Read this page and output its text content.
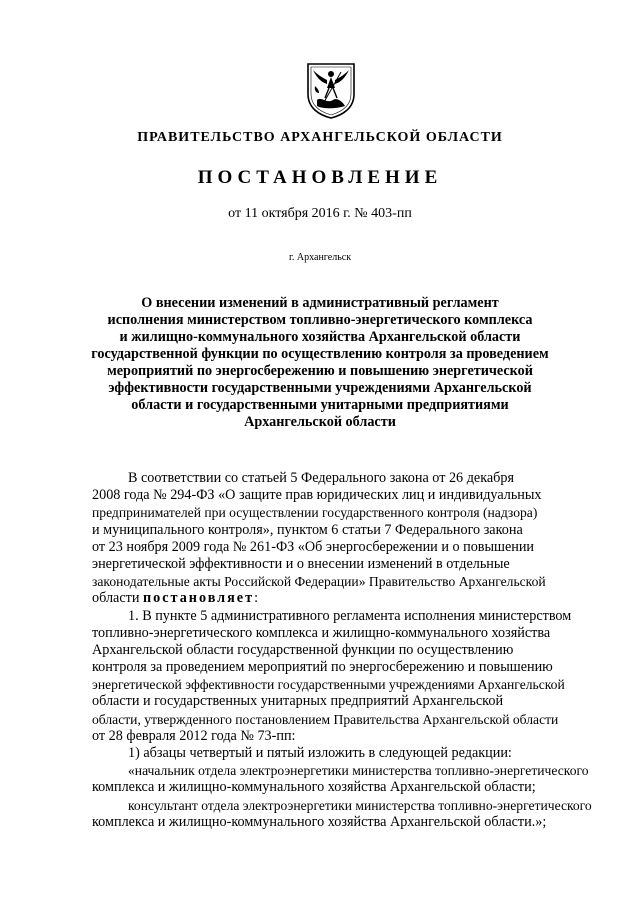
ПРАВИТЕЛЬСТВО АРХАНГЕЛЬСКОЙ ОБЛАСТИ
ПОСТАНОВЛЕНИЕ
от 11 октября 2016 г. № 403-пп
г. Архангельск
О внесении изменений в административный регламент
исполнения министерством топливно-энергетического комплекса
и жилищно-коммунального хозяйства Архангельской области
государственной функции по осуществлению контроля за проведением
мероприятий по энергосбережению и повышению энергетической
эффективности государственными учреждениями Архангельской
области и государственными унитарными предприятиями
Архангельской области
В соответствии со статьей 5 Федерального закона от 26 декабря
2008 года № 294-ФЗ «О защите прав юридических лиц и индивидуальных
предпринимателей при осуществлении государственного контроля (надзора)
и муниципального контроля», пунктом 6 статьи 7 Федерального закона
от 23 ноября 2009 года № 261-ФЗ «Об энергосбережении и о повышении
энергетической эффективности и о внесении изменений в отдельные
законодательные акты Российской Федерации» Правительство Архангельской
области постановляет:
1. В пункте 5 административного регламента исполнения министерством
топливно-энергетического комплекса и жилищно-коммунального хозяйства
Архангельской области государственной функции по осуществлению
контроля за проведением мероприятий по энергосбережению и повышению
энергетической эффективности государственными учреждениями Архангельской
области и государственных унитарных предприятий Архангельской
области, утвержденного постановлением Правительства Архангельской области
от 28 февраля 2012 года № 73-пп:
1) абзацы четвертый и пятый изложить в следующей редакции:
«начальник отдела электроэнергетики министерства топливно-энергетического
комплекса и жилищно-коммунального хозяйства Архангельской области;
консультант отдела электроэнергетики министерства топливно-энергетического
комплекса и жилищно-коммунального хозяйства Архангельской области.»;
